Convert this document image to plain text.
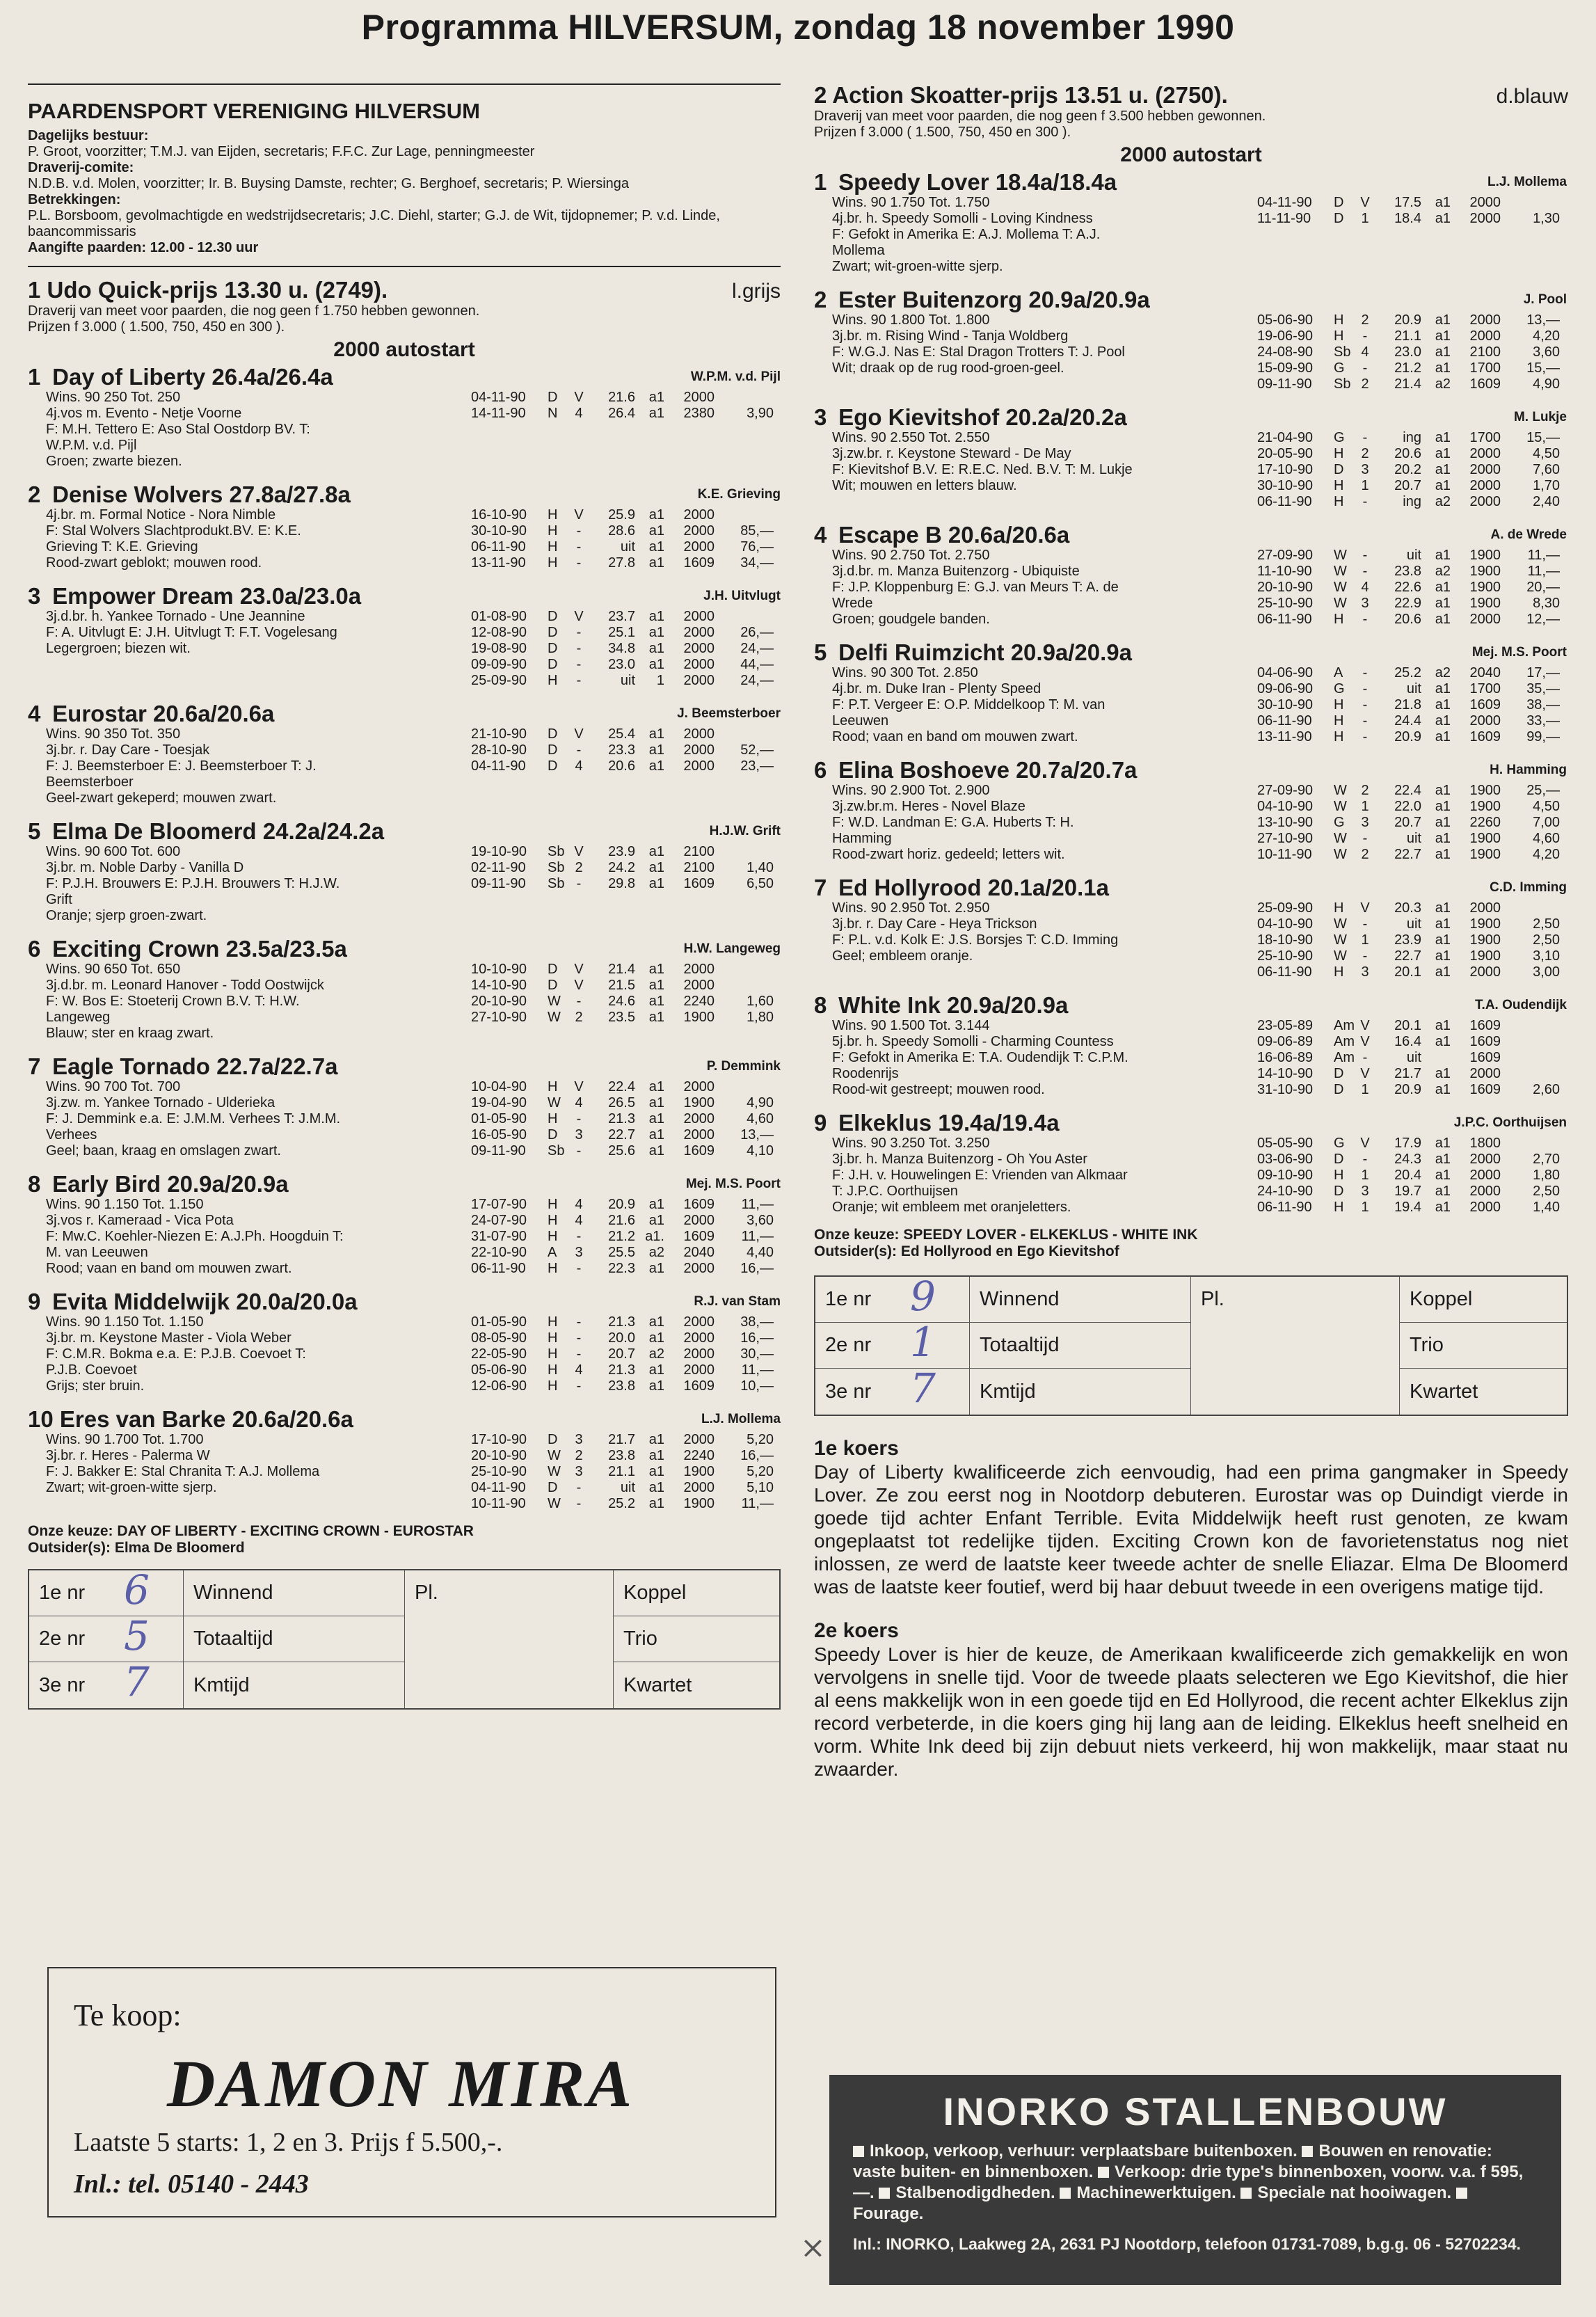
Programma HILVERSUM, zondag 18 november 1990
PAARDENSPORT VERENIGING HILVERSUM
Dagelijks bestuur:
P. Groot, voorzitter; T.M.J. van Eijden, secretaris; F.F.C. Zur Lage, penningmeester
Draverij-comite:
N.D.B. v.d. Molen, voorzitter; Ir. B. Buysing Damste, rechter; G. Berghoef, secretaris; P. Wiersinga
Betrekkingen:
P.L. Borsboom, gevolmachtigde en wedstrijdsecretaris; J.C. Diehl, starter; G.J. de Wit, tijdopnemer; P. v.d. Linde, baancommissaris
Aangifte paarden: 12.00 - 12.30 uur
1 Udo Quick-prijs 13.30 u. (2749).	l.grijs
Draverij van meet voor paarden, die nog geen f 1.750 hebben gewonnen.
Prijzen f 3.000 ( 1.500, 750, 450 en 300 ).
2000 autostart
1 Day of Liberty 26.4a/26.4a
Wins. 90 250 Tot. 250
4j.vos m. Evento - Netje Voorne
F: M.H. Tettero E: Aso Stal Oostdorp BV. T:
W.P.M. v.d. Pijl
Groen; zwarte biezen.
W.P.M. v.d. Pijl
04-11-90	D	V	21.6 a1	2000
14-11-90	N	4	26.4 a1	2380	3,90
2 Denise Wolvers 27.8a/27.8a
4j.br. m. Formal Notice - Nora Nimble
F: Stal Wolvers Slachtprodukt.BV. E: K.E.
Grieving T: K.E. Grieving
Rood-zwart geblokt; mouwen rood.
K.E. Grieving
16-10-90	H	V	25.9 a1	2000
30-10-90	H	-	28.6 a1	2000	85,—
06-11-90	H	-	uit a1	2000	76,—
13-11-90	H	-	27.8 a1	1609	34,—
3 Empower Dream 23.0a/23.0a
3j.d.br. h. Yankee Tornado - Une Jeannine
F: A. Uitvlugt E: J.H. Uitvlugt T: F.T. Vogelesang
Legergroen; biezen wit.
J.H. Uitvlugt
01-08-90	D	V	23.7 a1	2000
12-08-90	D	-	25.1 a1	2000	26,—
19-08-90	D	-	34.8 a1	2000	24,—
09-09-90	D	-	23.0 a1	2000	44,—
25-09-90	H	-	uit	1	2000	24,—
4 Eurostar 20.6a/20.6a
Wins. 90 350 Tot. 350
3j.br. r. Day Care - Toesjak
F: J. Beemsterboer E: J. Beemsterboer T: J.
Beemsterboer
Geel-zwart gekeperd; mouwen zwart.
J. Beemsterboer
21-10-90	D	V	25.4 a1	2000
28-10-90	D	-	23.3 a1	2000	52,—
04-11-90	D	4	20.6 a1	2000	23,—
5 Elma De Bloomerd 24.2a/24.2a
Wins. 90 600 Tot. 600
3j.br. m. Noble Darby - Vanilla D
F: P.J.H. Brouwers E: P.J.H. Brouwers T: H.J.W.
Grift
Oranje; sjerp groen-zwart.
H.J.W. Grift
19-10-90	Sb V	23.9 a1	2100
02-11-90	Sb 2	24.2 a1	2100	1,40
09-11-90	Sb -	29.8 a1	1609	6,50
6 Exciting Crown 23.5a/23.5a
Wins. 90 650 Tot. 650
3j.d.br. m. Leonard Hanover - Todd Oostwijck
F: W. Bos E: Stoeterij Crown B.V. T: H.W.
Langeweg
Blauw; ster en kraag zwart.
H.W. Langeweg
10-10-90	D	V	21.4 a1	2000
14-10-90	D	V	21.5 a1	2000
20-10-90	W	-	24.6 a1	2240	1,60
27-10-90	W	2	23.5 a1	1900	1,80
7 Eagle Tornado 22.7a/22.7a
Wins. 90 700 Tot. 700
3j.zw. m. Yankee Tornado - Ulderieka
F: J. Demmink e.a. E: J.M.M. Verhees T: J.M.M.
Verhees
Geel; baan, kraag en omslagen zwart.
P. Demmink
10-04-90	H	V	22.4 a1	2000
19-04-90	W	4	26.5 a1	1900	4,90
01-05-90	H	-	21.3 a1	2000	4,60
16-05-90	D	3	22.7 a1	2000	13,—
09-11-90	Sb -	25.6 a1	1609	4,10
8 Early Bird 20.9a/20.9a
Wins. 90 1.150 Tot. 1.150
3j.vos r. Kameraad - Vica Pota
F: Mw.C. Koehler-Niezen E: A.J.Ph. Hoogduin T:
M. van Leeuwen
Rood; vaan en band om mouwen zwart.
Mej. M.S. Poort
17-07-90	H	4	20.9 a1	1609	11,—
24-07-90	H	4	21.6 a1	2000	3,60
31-07-90	H	-	21.2 a1.	1609	11,—
22-10-90	A	3	25.5 a2	2040	4,40
06-11-90	H	-	22.3 a1	2000	16,—
9 Evita Middelwijk 20.0a/20.0a
Wins. 90 1.150 Tot. 1.150
3j.br. m. Keystone Master - Viola Weber
F: C.M.R. Bokma e.a. E: P.J.B. Coevoet T:
P.J.B. Coevoet
Grijs; ster bruin.
R.J. van Stam
01-05-90	H	-	21.3 a1	2000	38,—
08-05-90	H	-	20.0 a1	2000	16,—
22-05-90	H	-	20.7 a2	2000	30,—
05-06-90	H	4	21.3 a1	2000	11,—
12-06-90	H	-	23.8 a1	1609	10,—
10 Eres van Barke 20.6a/20.6a
Wins. 90 1.700 Tot. 1.700
3j.br. r. Heres - Palerma W
F: J. Bakker E: Stal Chranita T: A.J. Mollema
Zwart; wit-groen-witte sjerp.
L.J. Mollema
17-10-90	D	3	21.7 a1	2000	5,20
20-10-90	W	2	23.8 a1	2240	16,—
25-10-90	W	3	21.1 a1	1900	5,20
04-11-90	D	-	uit a1	2000	5,10
10-11-90	W	-	25.2 a1	1900	11,—
Onze keuze: DAY OF LIBERTY - EXCITING CROWN - EUROSTAR
Outsider(s): Elma De Bloomerd
1e nr 6	Winnend	Pl.	Koppel
2e nr 5	Totaaltijd	Trio
3e nr 7	Kmtijd	Kwartet
2 Action Skoatter-prijs 13.51 u. (2750).	d.blauw
Draverij van meet voor paarden, die nog geen f 3.500 hebben gewonnen.
Prijzen f 3.000 ( 1.500, 750, 450 en 300 ).
2000 autostart
1 Speedy Lover 18.4a/18.4a
Wins. 90 1.750 Tot. 1.750
4j.br. h. Speedy Somolli - Loving Kindness
F: Gefokt in Amerika E: A.J. Mollema T: A.J.
Mollema
Zwart; wit-groen-witte sjerp.
L.J. Mollema
04-11-90	D	V	17.5 a1	2000
11-11-90	D	1	18.4 a1	2000	1,30
2 Ester Buitenzorg 20.9a/20.9a
Wins. 90 1.800 Tot. 1.800
3j.br. m. Rising Wind - Tanja Woldberg
F: W.G.J. Nas E: Stal Dragon Trotters T: J. Pool
Wit; draak op de rug rood-groen-geel.
J. Pool
05-06-90	H	2	20.9 a1	2000	13,—
19-06-90	H	-	21.1 a1	2000	4,20
24-08-90	Sb 4	23.0 a1	2100	3,60
15-09-90	G	-	21.2 a1	1700	15,—
09-11-90	Sb 2	21.4 a2	1609	4,90
3 Ego Kievitshof 20.2a/20.2a
Wins. 90 2.550 Tot. 2.550
3j.zw.br. r. Keystone Steward - De May
F: Kievitshof B.V. E: R.E.C. Ned. B.V. T: M. Lukje
Wit; mouwen en letters blauw.
M. Lukje
21-04-90	G	-	ing a1	1700	15,—
20-05-90	H	2	20.6 a1	2000	4,50
17-10-90	D	3	20.2 a1	2000	7,60
30-10-90	H	1	20.7 a1	2000	1,70
06-11-90	H	-	ing a2	2000	2,40
4 Escape B 20.6a/20.6a
Wins. 90 2.750 Tot. 2.750
3j.d.br. m. Manza Buitenzorg - Ubiquiste
F: J.P. Kloppenburg E: G.J. van Meurs T: A. de
Wrede
Groen; goudgele banden.
A. de Wrede
27-09-90	W	-	uit a1	1900	11,—
11-10-90	W	-	23.8 a2	1900	11,—
20-10-90	W	4	22.6 a1	1900	20,—
25-10-90	W	3	22.9 a1	1900	8,30
06-11-90	H	-	20.6 a1	2000	12,—
5 Delfi Ruimzicht 20.9a/20.9a
Wins. 90 300 Tot. 2.850
4j.br. m. Duke Iran - Plenty Speed
F: P.T. Vergeer E: O.P. Middelkoop T: M. van
Leeuwen
Rood; vaan en band om mouwen zwart.
Mej. M.S. Poort
04-06-90	A	-	25.2 a2	2040	17,—
09-06-90	G	-	uit a1	1700	35,—
30-10-90	H	-	21.8 a1	1609	38,—
06-11-90	H	-	24.4 a1	2000	33,—
13-11-90	H	-	20.9 a1	1609	99,—
6 Elina Boshoeve 20.7a/20.7a
Wins. 90 2.900 Tot. 2.900
3j.zw.br.m. Heres - Novel Blaze
F: W.D. Landman E: G.A. Huberts T: H.
Hamming
Rood-zwart horiz. gedeeld; letters wit.
H. Hamming
27-09-90	W	2	22.4 a1	1900	25,—
04-10-90	W	1	22.0 a1	1900	4,50
13-10-90	G	3	20.7 a1	2260	7,00
27-10-90	W	-	uit a1	1900	4,60
10-11-90	W	2	22.7 a1	1900	4,20
7 Ed Hollyrood 20.1a/20.1a
Wins. 90 2.950 Tot. 2.950
3j.br. r. Day Care - Heya Trickson
F: P.L. v.d. Kolk E: J.S. Borsjes T: C.D. Imming
Geel; embleem oranje.
C.D. Imming
25-09-90	H	V	20.3 a1	2000
04-10-90	W	-	uit a1	1900	2,50
18-10-90	W	1	23.9 a1	1900	2,50
25-10-90	W	-	22.7 a1	1900	3,10
06-11-90	H	3	20.1 a1	2000	3,00
8 White Ink 20.9a/20.9a
Wins. 90 1.500 Tot. 3.144
5j.br. h. Speedy Somolli - Charming Countess
F: Gefokt in Amerika E: T.A. Oudendijk T: C.P.M.
Roodenrijs
Rood-wit gestreept; mouwen rood.
T.A. Oudendijk
23-05-89	Am V	20.1 a1	1609
09-06-89	Am V	16.4 a1	1609
16-06-89	Am -	uit	1609
14-10-90	D	V	21.7 a1	2000
31-10-90	D	1	20.9 a1	1609	2,60
9 Elkeklus 19.4a/19.4a
Wins. 90 3.250 Tot. 3.250
3j.br. h. Manza Buitenzorg - Oh You Aster
F: J.H. v. Houwelingen E: Vrienden van Alkmaar
T: J.P.C. Oorthuijsen
Oranje; wit embleem met oranjeletters.
J.P.C. Oorthuijsen
05-05-90	G	V	17.9 a1	1800
03-06-90	D	-	24.3 a1	2000	2,70
09-10-90	H	1	20.4 a1	2000	1,80
24-10-90	D	3	19.7 a1	2000	2,50
06-11-90	H	1	19.4 a1	2000	1,40
Onze keuze: SPEEDY LOVER - ELKEKLUS - WHITE INK
Outsider(s): Ed Hollyrood en Ego Kievitshof
1e nr 9	Winnend	Pl.	Koppel
2e nr 1	Totaaltijd	Trio
3e nr 7	Kmtijd	Kwartet
1e koers
Day of Liberty kwalificeerde zich eenvoudig, had een prima gangmaker in Speedy Lover. Ze zou eerst nog in Nootdorp debuteren. Eurostar was op Duindigt vierde in goede tijd achter Enfant Terrible. Evita Middelwijk heeft rust genoten, ze kwam ongeplaatst tot redelijke tijden. Exciting Crown kon de favorietenstatus nog niet inlossen, ze werd de laatste keer tweede achter de snelle Eliazar. Elma De Bloomerd was de laatste keer foutief, werd bij haar debuut tweede in een overigens matige tijd.
2e koers
Speedy Lover is hier de keuze, de Amerikaan kwalificeerde zich gemakkelijk en won vervolgens in snelle tijd. Voor de tweede plaats selecteren we Ego Kievitshof, die hier al eens makkelijk won in een goede tijd en Ed Hollyrood, die recent achter Elkeklus zijn record verbeterde, in die koers ging hij lang aan de leiding. Elkeklus heeft snelheid en vorm. White Ink deed bij zijn debuut niets verkeerd, hij won makkelijk, maar staat nu zwaarder.
Te koop:
DAMON MIRA
Laatste 5 starts: 1, 2 en 3. Prijs f 5.500,-.
Inl.: tel. 05140 - 2443
INORKO STALLENBOUW
Inkoop, verkoop, verhuur: verplaatsbare buitenboxen. Bouwen en renovatie: vaste buiten- en binnenboxen. Verkoop: drie type's binnenboxen, voorw. v.a. f 595,—. Stalbenodigdheden. Machinewerktuigen. Speciale nat hooiwagen. Fourage.
Inl.: INORKO, Laakweg 2A, 2631 PJ Nootdorp, telefoon 01731-7089, b.g.g. 06 - 52702234.
×
